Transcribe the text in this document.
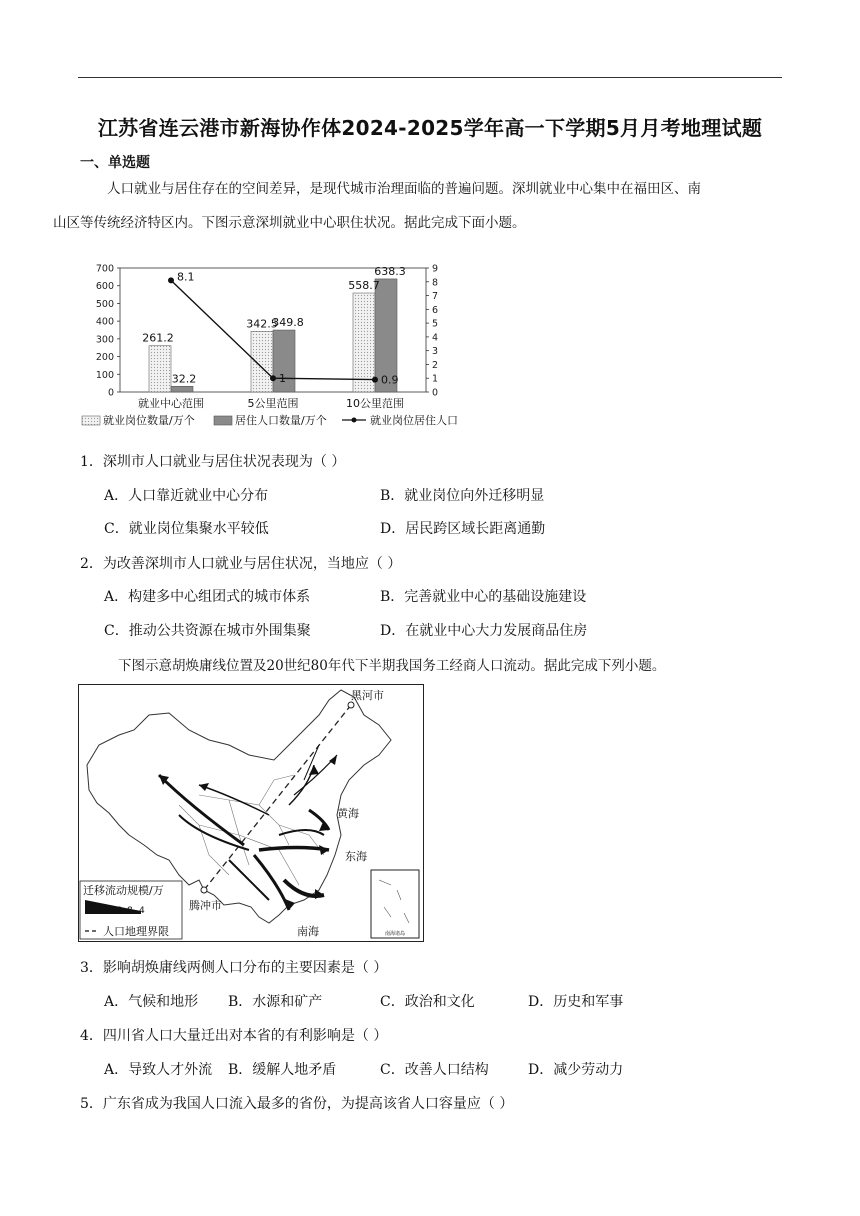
江苏省连云港市新海协作体2024-2025学年高一下学期5月月考地理试题
一、单选题
人口就业与居住存在的空间差异，是现代城市治理面临的普遍问题。深圳就业中心集中在福田区、南
山区等传统经济特区内。下图示意深圳就业中心职住状况。据此完成下面小题。
0
100
200
300
400
500
600
700
0
1
2
3
4
5
6
7
8
9
261.2
32.2
就业中心范围
342.5
349.8
5公里范围
558.7
638.3
10公里范围
8.1
1	0.9
就业岗位数量/万个	居住人口数量/万个	就业岗位居住人口
1．深圳市人口就业与居住状况表现为（ ）
A．人口靠近就业中心分布	B．就业岗位向外迁移明显
C．就业岗位集聚水平较低	D．居民跨区域长距离通勤
2．为改善深圳市人口就业与居住状况，当地应（ ）
A．构建多中心组团式的城市体系	B．完善就业中心的基础设施建设
C．推动公共资源在城市外围集聚	D．在就业中心大力发展商品住房
下图示意胡焕庸线位置及20世纪80年代下半期我国务工经商人口流动。据此完成下列小题。
黑河市
黄海
东海
南海
腾冲市
南海诸岛
迁移流动规模/万
20 16 12 8 4
人口地理界限
3．影响胡焕庸线两侧人口分布的主要因素是（ ）
A．气候和地形 B．水源和矿产	C．政治和文化	D．历史和军事
4．四川省人口大量迁出对本省的有利影响是（ ）
A．导致人才外流 B．缓解人地矛盾	C．改善人口结构	D．减少劳动力
5．广东省成为我国人口流入最多的省份，为提高该省人口容量应（ ）
